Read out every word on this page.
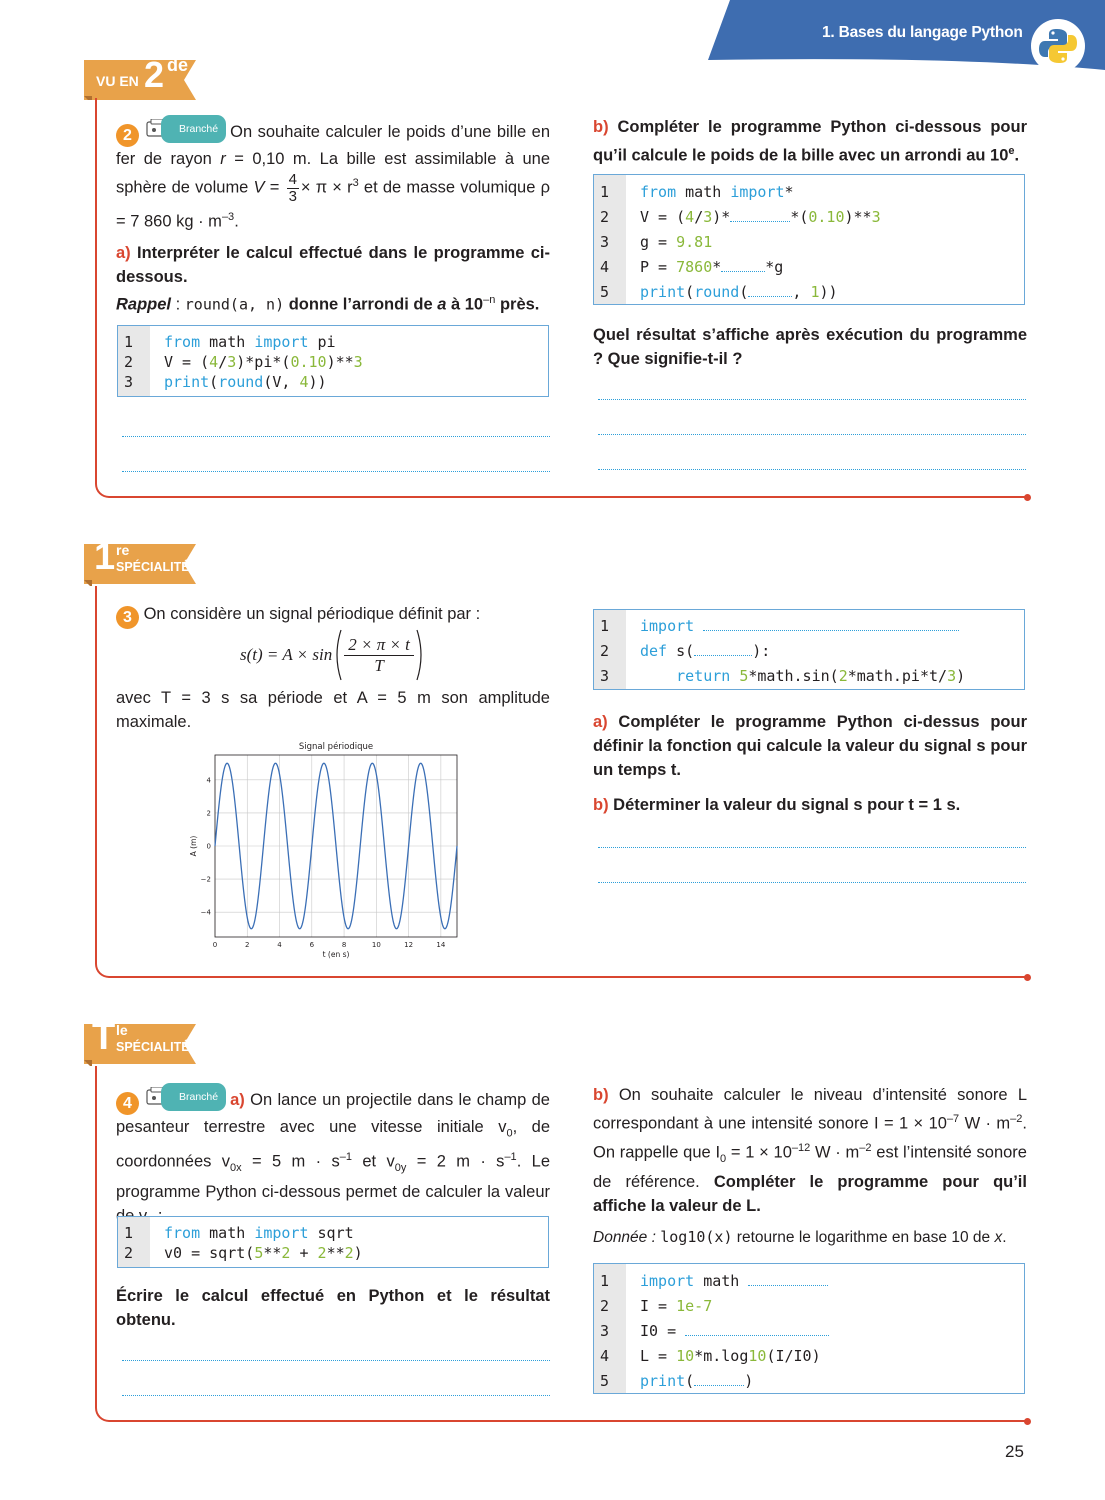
1. Bases du langage Python
VU EN 2 de
2	Branché On souhaite calculer le poids d’une bille en fer de rayon r = 0,10 m. La bille est assimilable à une sphère de volume $V = \frac{4}{3} \times \pi \times r^3$ et de masse volumique ρ = 7 860 kg · $m^{-3}$.
a) Interpréter le calcul effectué dans le programme ci-dessous.
Rappel : round(a, n) donne l’arrondi de a à $10^{-n}$ près.
1 from math import pi
2 V = (4/3)*pi*(0.10)**3
3 print(round(V, 4))
b) Compléter le programme Python ci-dessous pour qu’il calcule le poids de la bille avec un arrondi au 10e.
1 from math import*
2 V = (4/3)*	*(0.10)**3
3 g = 9.81
4 P = 7860*	*g
5 print(round(	, 1))
Quel résultat s’affiche après exécution du programme ? Que signifie-t-il ?
1 re
SPÉCIALITÉ
3 On considère un signal périodique définit par :
s(t) = A × sin
2 × π × t
T
avec T = 3 s sa période et A = 5 m son amplitude maximale.
Signal périodique
0	2	4	6	8	10	12	14
−4
−2
0
2
4
t (en s)
A (m)
1 import
2 def s(	):
3	return 5*math.sin(2*math.pi*t/3)
a) Compléter le programme Python ci-dessus pour définir la fonction qui calcule la valeur du signal s pour un temps t.
b) Déterminer la valeur du signal s pour t = 1 s.
T le
SPÉCIALITÉ
4	Branché a) On lance un projectile dans le champ de pesanteur terrestre avec une vitesse initiale $v_0$, de coordonnées $v_{0x} = 5$ $m \cdot s^{-1}$ et $v_{0y} = 2$ $m \cdot s^{-1}$. Le programme Python ci-dessous permet de calculer la valeur
1 from math import sqrt
2 v0 = sqrt(5**2 + 2**2)
Écrire le calcul effectué en Python et le résultat obtenu.
b) On souhaite calculer le niveau d’intensité sonore L correspondant à une intensité sonore $I = 1 \times 10^{-7}$ $W \cdot m^{-2}$. On rappelle que $I_0 = 1 \times 10^{-12}$ $W \cdot m^{-2}$ est l’intensité sonore de référence. Compléter le programme pour qu’il affiche la valeur de L.
Donnée : log10(x) retourne le logarithme en base 10 de x.
1 import math
2 I = 1e-7
3 I0 =
4 L = 10*m.log10(I/I0)
5 print(	)
25
